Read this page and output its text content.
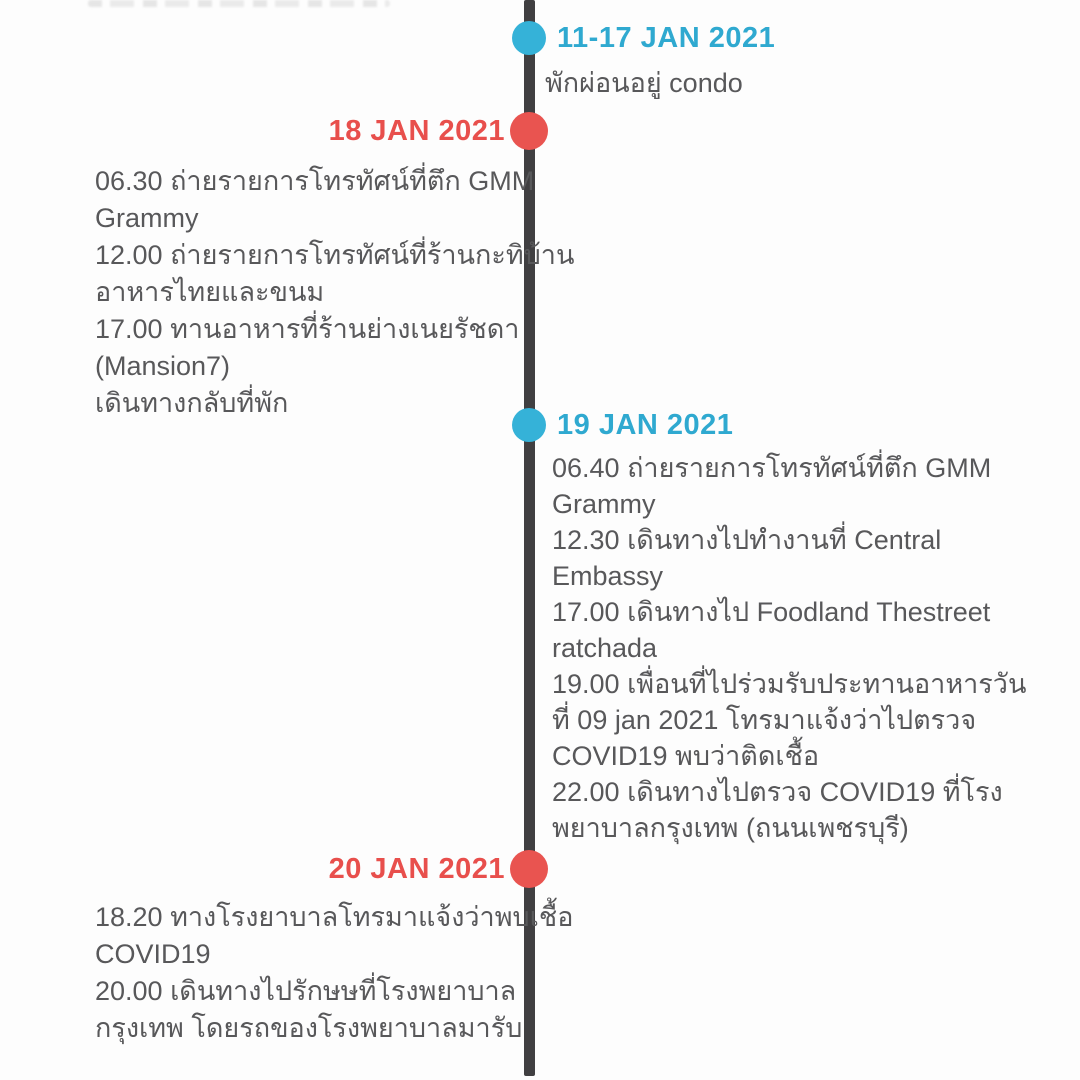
11-17 JAN 2021
พักผ่อนอยู่ condo
18 JAN 2021
06.30 ถ่ายรายการโทรทัศน์ที่ตึก GMM
Grammy
12.00 ถ่ายรายการโทรทัศน์ที่ร้านกะทิบ้าน
อาหารไทยและขนม
17.00 ทานอาหารที่ร้านย่างเนยรัชดา
(Mansion7)
เดินทางกลับที่พัก
19 JAN 2021
06.40 ถ่ายรายการโทรทัศน์ที่ตึก GMM
Grammy
12.30 เดินทางไปทำงานที่ Central
Embassy
17.00 เดินทางไป Foodland Thestreet
ratchada
19.00 เพื่อนที่ไปร่วมรับประทานอาหารวัน
ที่ 09 jan 2021 โทรมาแจ้งว่าไปตรวจ
COVID19 พบว่าติดเชื้อ
22.00 เดินทางไปตรวจ COVID19 ที่โรง
พยาบาลกรุงเทพ (ถนนเพชรบุรี)
20 JAN 2021
18.20 ทางโรงยาบาลโทรมาแจ้งว่าพบเชื้อ
COVID19
20.00 เดินทางไปรักษษที่โรงพยาบาล
กรุงเทพ โดยรถของโรงพยาบาลมารับ
